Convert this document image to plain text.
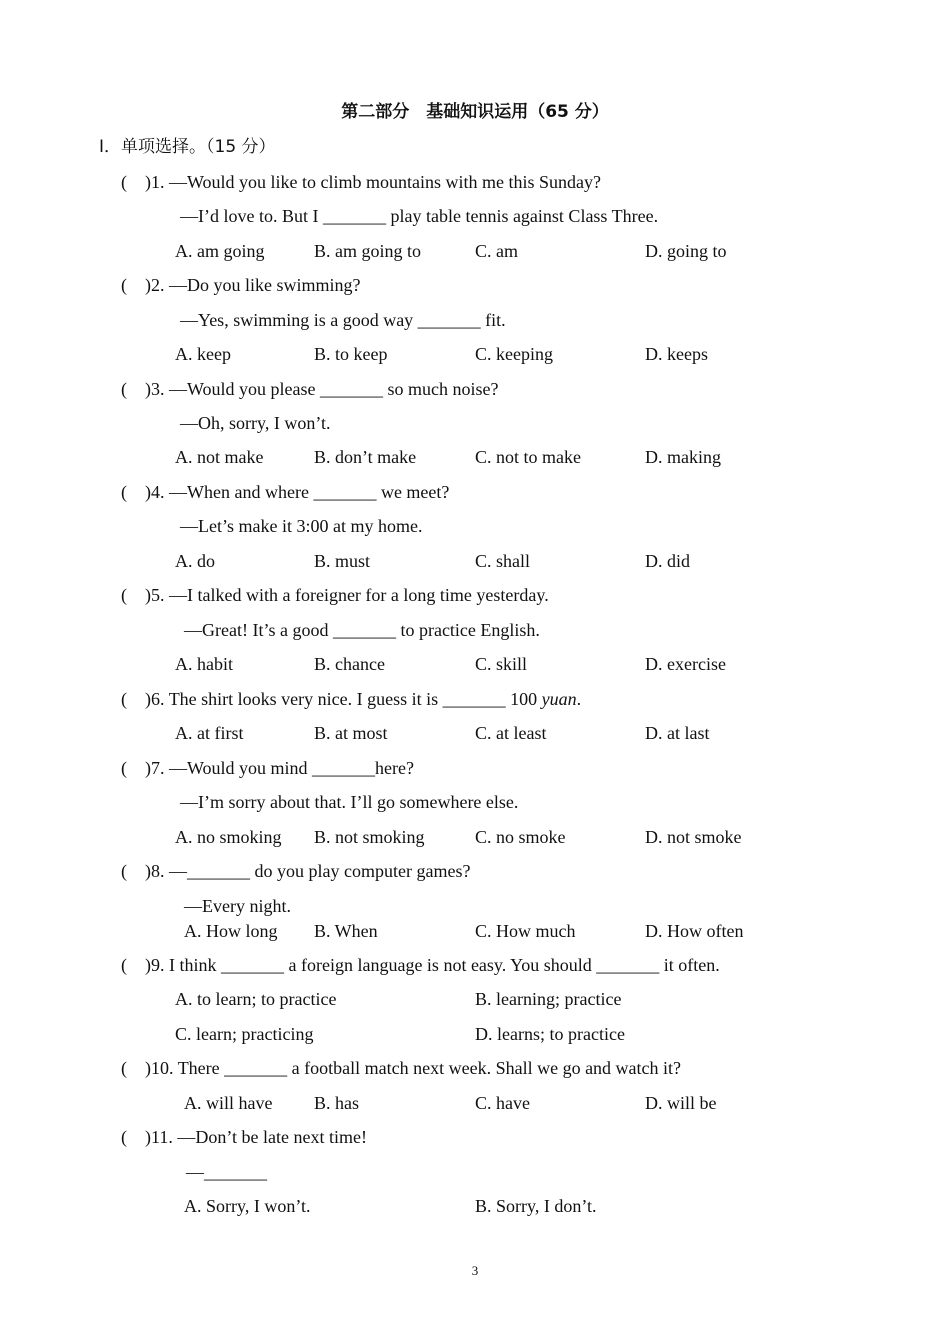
第二部分　基础知识运用（65 分）
Ⅰ．单项选择。（15 分）
(    )1. —Would you like to climb mountains with me this Sunday?
—I’d love to. But I _______ play table tennis against Class Three.
A. am going	B. am going to	C. am	D. going to
(    )2. —Do you like swimming?
—Yes, swimming is a good way _______ fit.
A. keep	B. to keep	C. keeping	D. keeps
(    )3. —Would you please _______ so much noise?
—Oh, sorry, I won’t.
A. not make	B. don’t make	C. not to make	D. making
(    )4. —When and where _______ we meet?
—Let’s make it 3:00 at my home.
A. do	B. must	C. shall	D. did
(    )5. —I talked with a foreigner for a long time yesterday.
—Great! It’s a good _______ to practice English.
A. habit	B. chance	C. skill	D. exercise
(    )6. The shirt looks very nice. I guess it is _______ 100 yuan.
A. at first	B. at most	C. at least	D. at last
(    )7. —Would you mind _______here?
—I’m sorry about that. I’ll go somewhere else.
A. no smoking B. not smoking	C. no smoke	D. not smoke
(    )8. —_______ do you play computer games?
—Every night.
A. How long B. When	C. How much	D. How often
(    )9. I think _______ a foreign language is not easy. You should _______ it often.
A. to learn; to practice	B. learning; practice
C. learn; practicing	D. learns; to practice
(    )10. There _______ a football match next week. Shall we go and watch it?
A. will have B. has	C. have	D. will be
(    )11. —Don’t be late next time!
—_______
A. Sorry, I won’t.	B. Sorry, I don’t.
3
